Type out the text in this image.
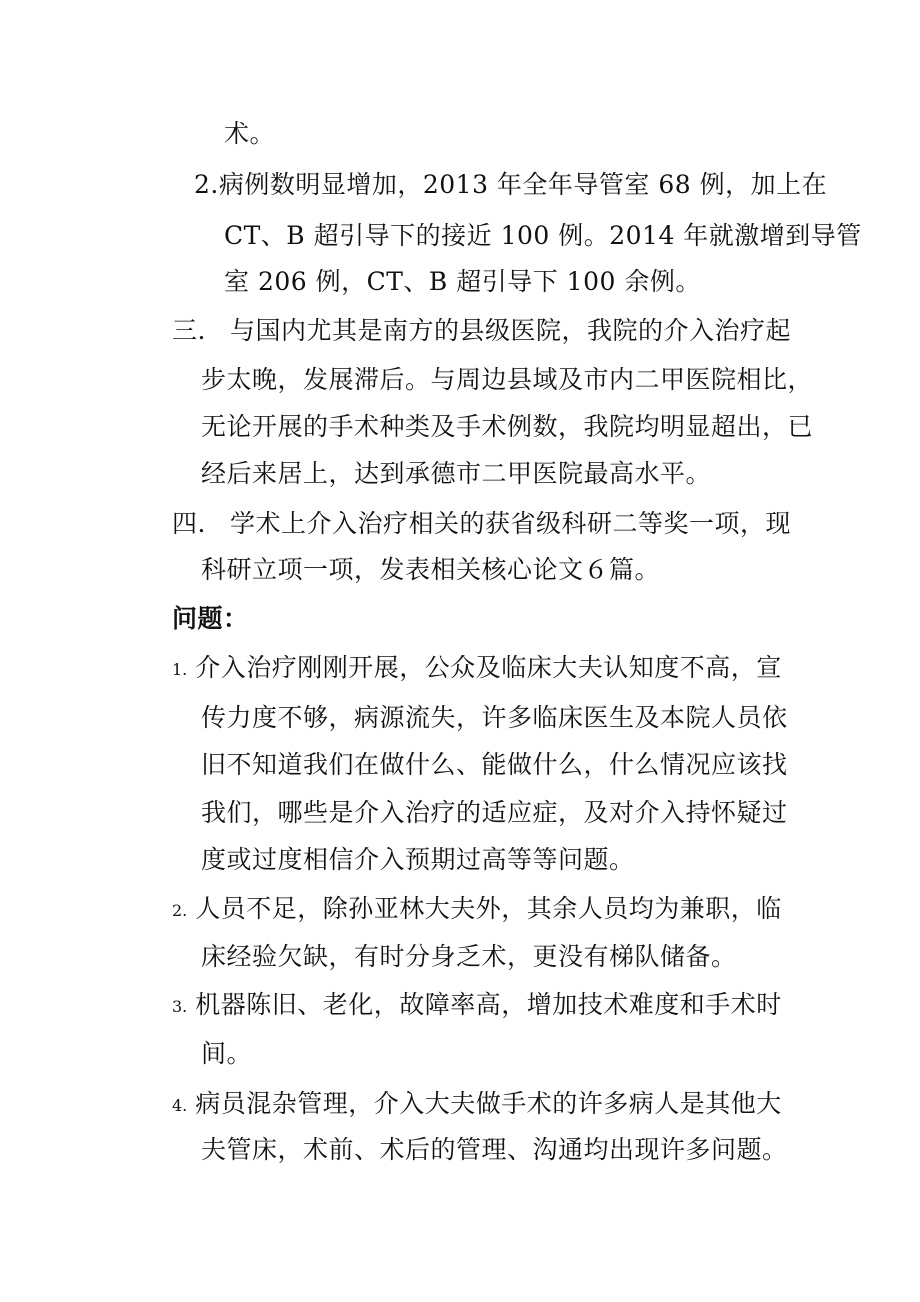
术。
2.病例数明显增加，2013 年全年导管室 68 例，加上在
CT、B 超引导下的接近 100 例。2014 年就激增到导管
室 206 例，CT、B 超引导下 100 余例。
三. 与国内尤其是南方的县级医院，我院的介入治疗起
步太晚，发展滞后。与周边县域及市内二甲医院相比，
无论开展的手术种类及手术例数，我院均明显超出，已
经后来居上，达到承德市二甲医院最高水平。
四. 学术上介入治疗相关的获省级科研二等奖一项，现
科研立项一项，发表相关核心论文６篇。
问题：
1. 介入治疗刚刚开展，公众及临床大夫认知度不高，宣
传力度不够，病源流失，许多临床医生及本院人员依
旧不知道我们在做什么、能做什么，什么情况应该找
我们，哪些是介入治疗的适应症，及对介入持怀疑过
度或过度相信介入预期过高等等问题。
2. 人员不足，除孙亚林大夫外，其余人员均为兼职，临
床经验欠缺，有时分身乏术，更没有梯队储备。
3. 机器陈旧、老化，故障率高，增加技术难度和手术时
间。
4. 病员混杂管理，介入大夫做手术的许多病人是其他大
夫管床，术前、术后的管理、沟通均出现许多问题。
